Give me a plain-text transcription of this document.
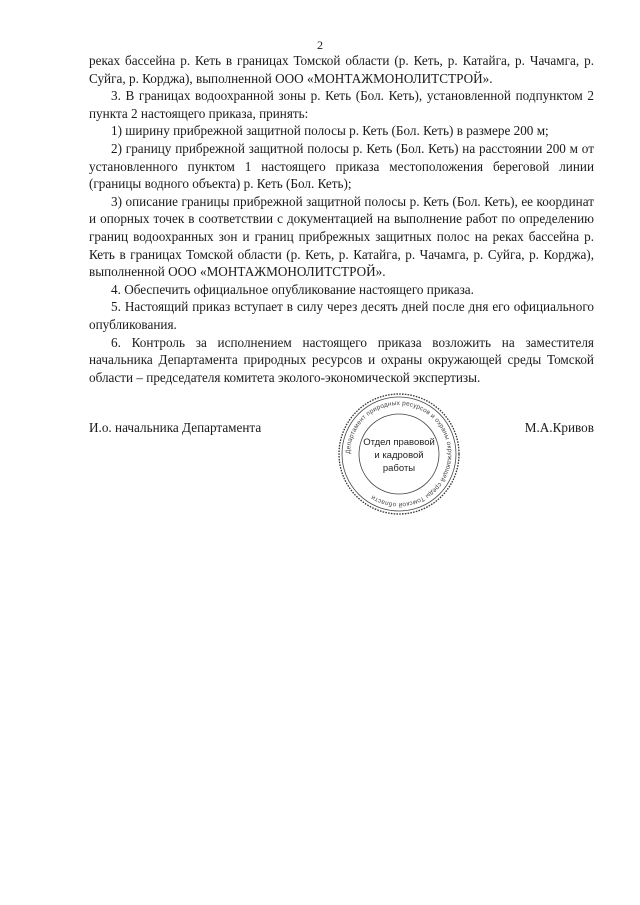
2

реках бассейна р. Кеть в границах Томской области (р. Кеть, р. Катайга, р. Чачамга, р. Суйга, р. Корджа), выполненной ООО «МОНТАЖМОНОЛИТСТРОЙ».

3. В границах водоохранной зоны р. Кеть (Бол. Кеть), установленной подпунктом 2 пункта 2 настоящего приказа, принять:

1) ширину прибрежной защитной полосы р. Кеть (Бол. Кеть) в размере 200 м;

2) границу прибрежной защитной полосы р. Кеть (Бол. Кеть) на расстоянии 200 м от установленного пунктом 1 настоящего приказа местоположения береговой линии (границы водного объекта) р. Кеть (Бол. Кеть);

3) описание границы прибрежной защитной полосы р. Кеть (Бол. Кеть), ее координат и опорных точек в соответствии с документацией на выполнение работ по определению границ водоохранных зон и границ прибрежных защитных полос на реках бассейна р. Кеть в границах Томской области (р. Кеть, р. Катайга, р. Чачамга, р. Суйга, р. Корджа), выполненной ООО «МОНТАЖМОНОЛИТСТРОЙ».

4. Обеспечить официальное опубликование настоящего приказа.

5. Настоящий приказ вступает в силу через десять дней после дня его официального опубликования.

6. Контроль за исполнением настоящего приказа возложить на заместителя начальника Департамента природных ресурсов и охраны окружающей среды Томской области – председателя комитета эколого-экономической экспертизы.

И.о. начальника Департамента	М.А.Кривов
Департамент природных ресурсов и охраны окружающей среды Томской области
Отдел правовой
и кадровой
работы
